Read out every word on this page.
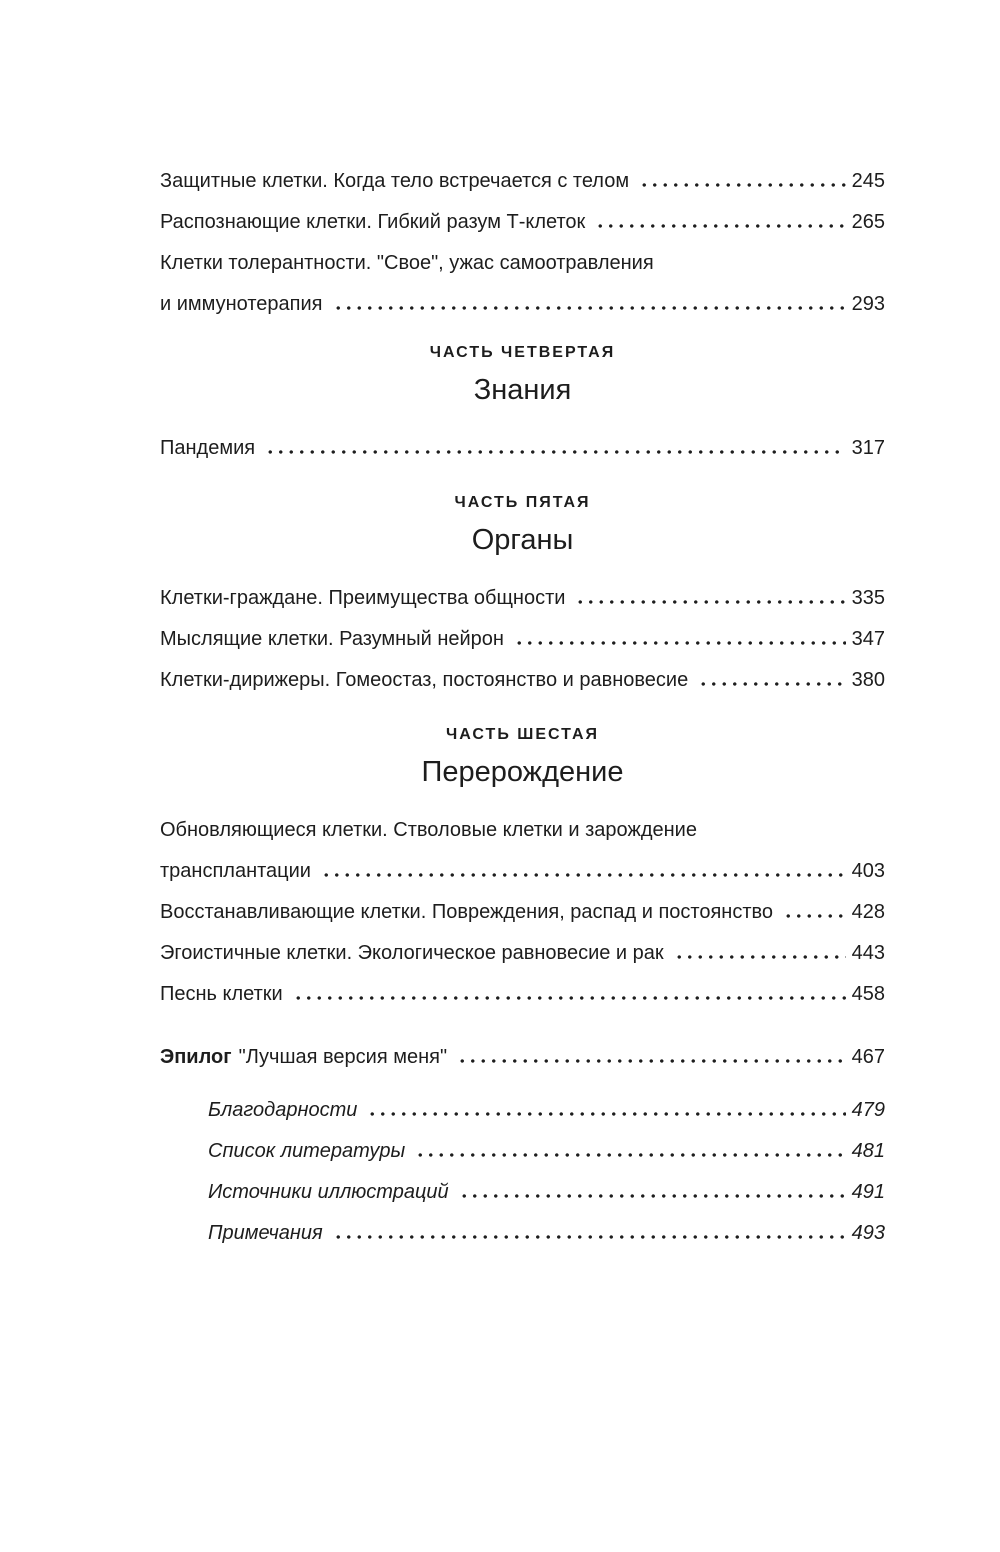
Защитные клетки. Когда тело встречается с телом	245
Распознающие клетки. Гибкий разум Т-клеток	265
Клетки толерантности. "Свое", ужас самоотравления
и иммунотерапия	293
ЧАСТЬ ЧЕТВЕРТАЯ
Знания
Пандемия	317
ЧАСТЬ ПЯТАЯ
Органы
Клетки-граждане. Преимущества общности	335
Мыслящие клетки. Разумный нейрон	347
Клетки-дирижеры. Гомеостаз, постоянство и равновесие	380
ЧАСТЬ ШЕСТАЯ
Перерождение
Обновляющиеся клетки. Стволовые клетки и зарождение
трансплантации	403
Восстанавливающие клетки. Повреждения, распад и постоянство	428
Эгоистичные клетки. Экологическое равновесие и рак	443
Песнь клетки	458
Эпилог "Лучшая версия меня"	467
Благодарности	479
Список литературы	481
Источники иллюстраций	491
Примечания	493
